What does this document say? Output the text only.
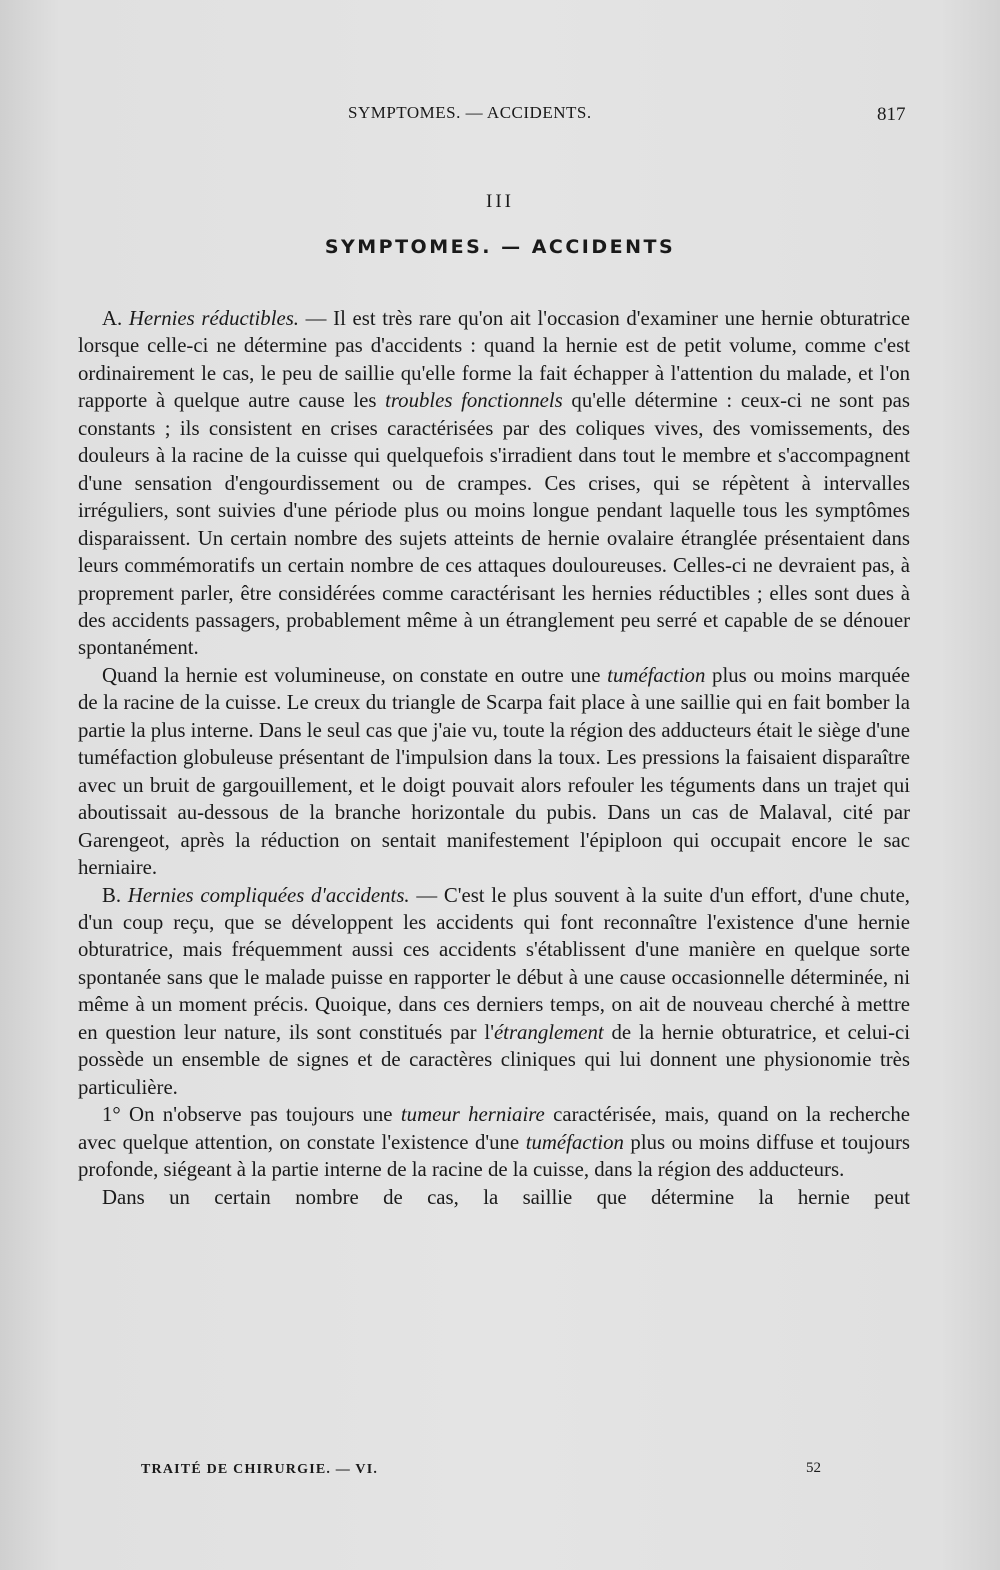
SYMPTOMES. — ACCIDENTS.	817
III
SYMPTOMES. — ACCIDENTS

A. Hernies réductibles. — Il est très rare qu'on ait l'occasion d'examiner une hernie obturatrice lorsque celle-ci ne détermine pas d'accidents : quand la hernie est de petit volume, comme c'est ordinairement le cas, le peu de saillie qu'elle forme la fait échapper à l'attention du malade, et l'on rapporte à quelque autre cause les troubles fonctionnels qu'elle détermine : ceux-ci ne sont pas constants ; ils consistent en crises caractérisées par des coliques vives, des vomissements, des douleurs à la racine de la cuisse qui quelquefois s'irradient dans tout le membre et s'accompagnent d'une sensation d'engourdissement ou de crampes. Ces crises, qui se répètent à intervalles irréguliers, sont suivies d'une période plus ou moins longue pendant laquelle tous les symptômes disparaissent. Un certain nombre des sujets atteints de hernie ovalaire étranglée présentaient dans leurs commémoratifs un certain nombre de ces attaques douloureuses. Celles-ci ne devraient pas, à proprement parler, être considérées comme caractérisant les hernies réductibles ; elles sont dues à des accidents passagers, probablement même à un étranglement peu serré et capable de se dénouer spontanément.

Quand la hernie est volumineuse, on constate en outre une tuméfaction plus ou moins marquée de la racine de la cuisse. Le creux du triangle de Scarpa fait place à une saillie qui en fait bomber la partie la plus interne. Dans le seul cas que j'aie vu, toute la région des adducteurs était le siège d'une tuméfaction globuleuse présentant de l'impulsion dans la toux. Les pressions la faisaient disparaître avec un bruit de gargouillement, et le doigt pouvait alors refouler les téguments dans un trajet qui aboutissait au-dessous de la branche horizontale du pubis. Dans un cas de Malaval, cité par Garengeot, après la réduction on sentait manifestement l'épiploon qui occupait encore le sac herniaire.

B. Hernies compliquées d'accidents. — C'est le plus souvent à la suite d'un effort, d'une chute, d'un coup reçu, que se développent les accidents qui font reconnaître l'existence d'une hernie obturatrice, mais fréquemment aussi ces accidents s'établissent d'une manière en quelque sorte spontanée sans que le malade puisse en rapporter le début à une cause occasionnelle déterminée, ni même à un moment précis. Quoique, dans ces derniers temps, on ait de nouveau cherché à mettre en question leur nature, ils sont constitués par l'étranglement de la hernie obturatrice, et celui-ci possède un ensemble de signes et de caractères cliniques qui lui donnent une physionomie très particulière.

1° On n'observe pas toujours une tumeur herniaire caractérisée, mais, quand on la recherche avec quelque attention, on constate l'existence d'une tuméfaction plus ou moins diffuse et toujours profonde, siégeant à la partie interne de la racine de la cuisse, dans la région des adducteurs.

Dans un certain nombre de cas, la saillie que détermine la hernie peut

TRAITÉ DE CHIRURGIE. — VI.	52
